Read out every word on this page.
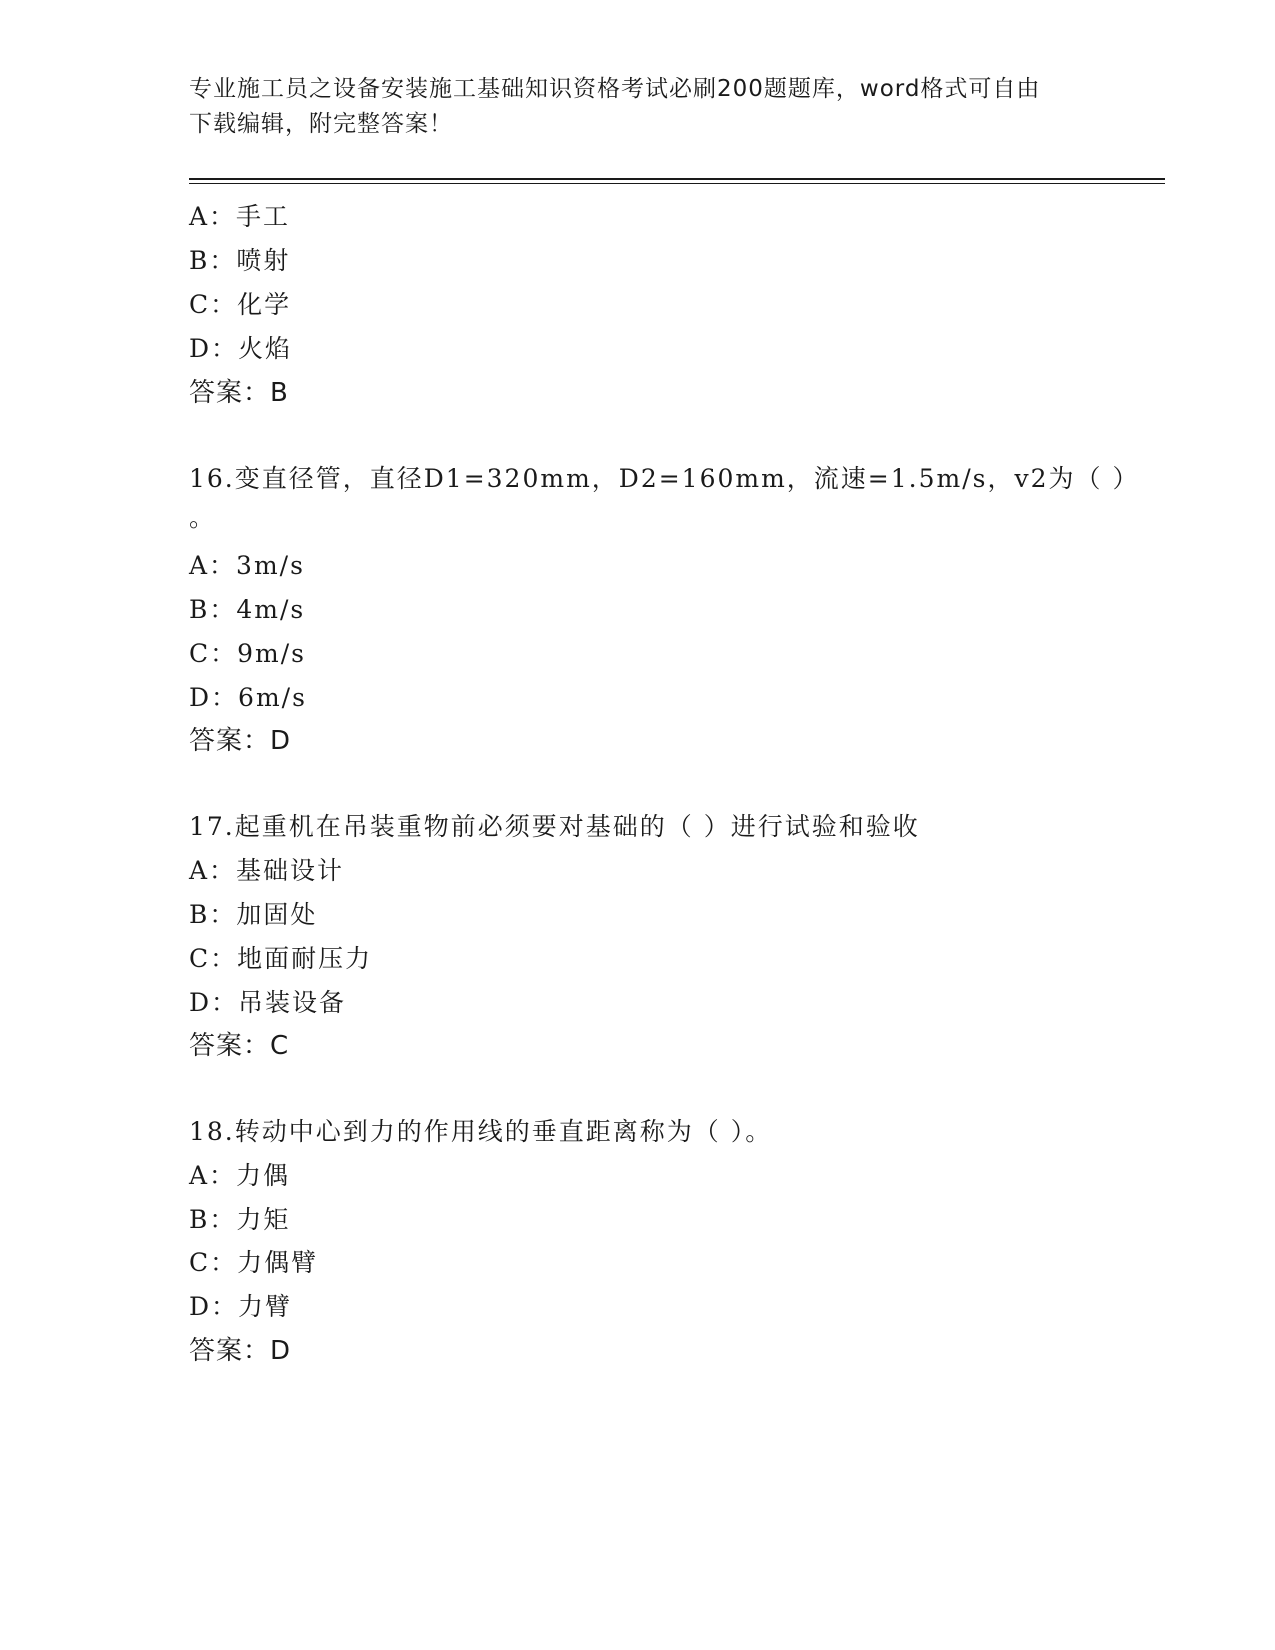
专业施工员之设备安装施工基础知识资格考试必刷200题题库，word格式可自由
下载编辑，附完整答案！
A：手工
B：喷射
C：化学
D：火焰
答案：B
16.变直径管，直径D1=320mm，D2=160mm，流速=1.5m/s，v2为（ ）
。
A：3m/s
B：4m/s
C：9m/s
D：6m/s
答案：D
17.起重机在吊装重物前必须要对基础的（ ）进行试验和验收
A：基础设计
B：加固处
C：地面耐压力
D：吊装设备
答案：C
18.转动中心到力的作用线的垂直距离称为（ ）。
A：力偶
B：力矩
C：力偶臂
D：力臂
答案：D
